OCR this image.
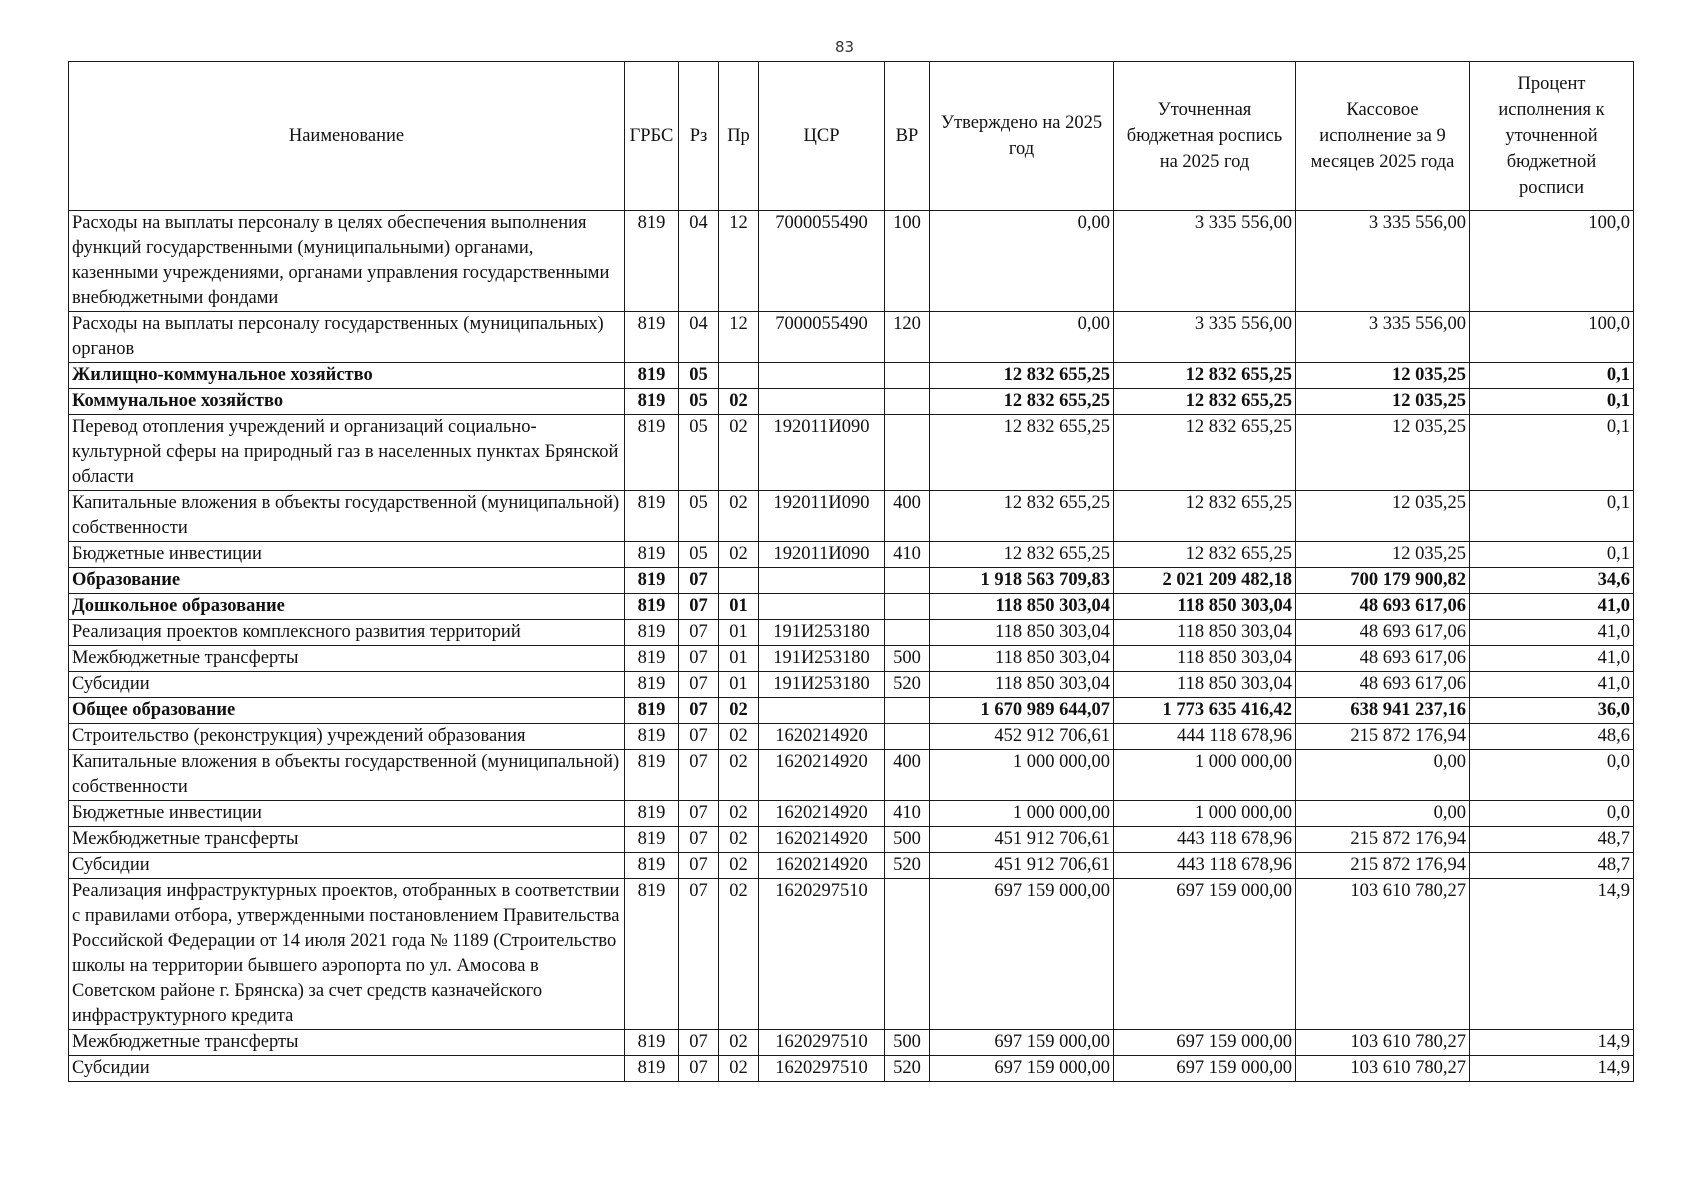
83
Наименование	ГРБС	Рз	Пр	ЦСР	ВР	Утверждено на 2025 год	Уточненная бюджетная роспись на 2025 год	Кассовое исполнение за 9 месяцев 2025 года	Процент исполнения к уточненной бюджетной росписи
Расходы на выплаты персоналу в целях обеспечения выполнения функций государственными (муниципальными) органами, казенными учреждениями, органами управления государственными внебюджетными фондами	819	04	12	7000055490	100	0,00	3 335 556,00	3 335 556,00	100,0
Расходы на выплаты персоналу государственных (муниципальных) органов	819	04	12	7000055490	120	0,00	3 335 556,00	3 335 556,00	100,0
Жилищно-коммунальное хозяйство	819	05				12 832 655,25	12 832 655,25	12 035,25	0,1
Коммунальное хозяйство	819	05	02			12 832 655,25	12 832 655,25	12 035,25	0,1
Перевод отопления учреждений и организаций социально-культурной сферы на природный газ в населенных пунктах Брянской области	819	05	02	192011И090		12 832 655,25	12 832 655,25	12 035,25	0,1
Капитальные вложения в объекты государственной (муниципальной) собственности	819	05	02	192011И090	400	12 832 655,25	12 832 655,25	12 035,25	0,1
Бюджетные инвестиции	819	05	02	192011И090	410	12 832 655,25	12 832 655,25	12 035,25	0,1
Образование	819	07				1 918 563 709,83	2 021 209 482,18	700 179 900,82	34,6
Дошкольное образование	819	07	01			118 850 303,04	118 850 303,04	48 693 617,06	41,0
Реализация проектов комплексного развития территорий	819	07	01	191И253180		118 850 303,04	118 850 303,04	48 693 617,06	41,0
Межбюджетные трансферты	819	07	01	191И253180	500	118 850 303,04	118 850 303,04	48 693 617,06	41,0
Субсидии	819	07	01	191И253180	520	118 850 303,04	118 850 303,04	48 693 617,06	41,0
Общее образование	819	07	02			1 670 989 644,07	1 773 635 416,42	638 941 237,16	36,0
Строительство (реконструкция) учреждений образования	819	07	02	1620214920		452 912 706,61	444 118 678,96	215 872 176,94	48,6
Капитальные вложения в объекты государственной (муниципальной) собственности	819	07	02	1620214920	400	1 000 000,00	1 000 000,00	0,00	0,0
Бюджетные инвестиции	819	07	02	1620214920	410	1 000 000,00	1 000 000,00	0,00	0,0
Межбюджетные трансферты	819	07	02	1620214920	500	451 912 706,61	443 118 678,96	215 872 176,94	48,7
Субсидии	819	07	02	1620214920	520	451 912 706,61	443 118 678,96	215 872 176,94	48,7
Реализация инфраструктурных проектов, отобранных в соответствии с правилами отбора, утвержденными постановлением Правительства Российской Федерации от 14 июля 2021 года № 1189 (Строительство школы на территории бывшего аэропорта по ул. Амосова в Советском районе г. Брянска) за счет средств казначейского инфраструктурного кредита	819	07	02	1620297510		697 159 000,00	697 159 000,00	103 610 780,27	14,9
Межбюджетные трансферты	819	07	02	1620297510	500	697 159 000,00	697 159 000,00	103 610 780,27	14,9
Субсидии	819	07	02	1620297510	520	697 159 000,00	697 159 000,00	103 610 780,27	14,9
